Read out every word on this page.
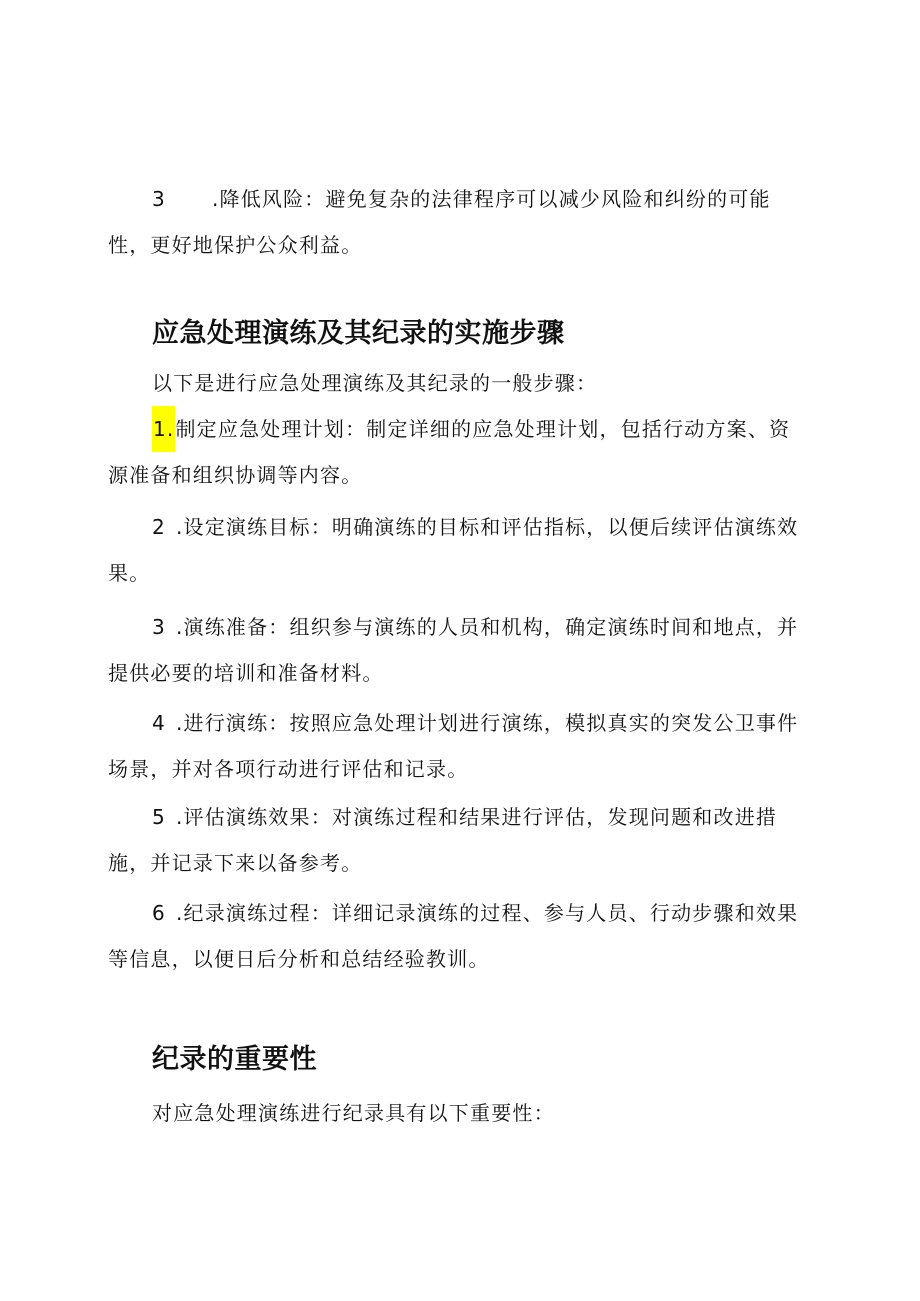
3 .降低风险：避免复杂的法律程序可以减少风险和纠纷的可能性，更好地保护公众利益。
应急处理演练及其纪录的实施步骤
以下是进行应急处理演练及其纪录的一般步骤：
1.制定应急处理计划：制定详细的应急处理计划，包括行动方案、资源准备和组织协调等内容。
2 .设定演练目标：明确演练的目标和评估指标，以便后续评估演练效果。
3 .演练准备：组织参与演练的人员和机构，确定演练时间和地点，并提供必要的培训和准备材料。
4 .进行演练：按照应急处理计划进行演练，模拟真实的突发公卫事件场景，并对各项行动进行评估和记录。
5 .评估演练效果：对演练过程和结果进行评估，发现问题和改进措施，并记录下来以备参考。
6 .纪录演练过程：详细记录演练的过程、参与人员、行动步骤和效果等信息，以便日后分析和总结经验教训。
纪录的重要性
对应急处理演练进行纪录具有以下重要性：
